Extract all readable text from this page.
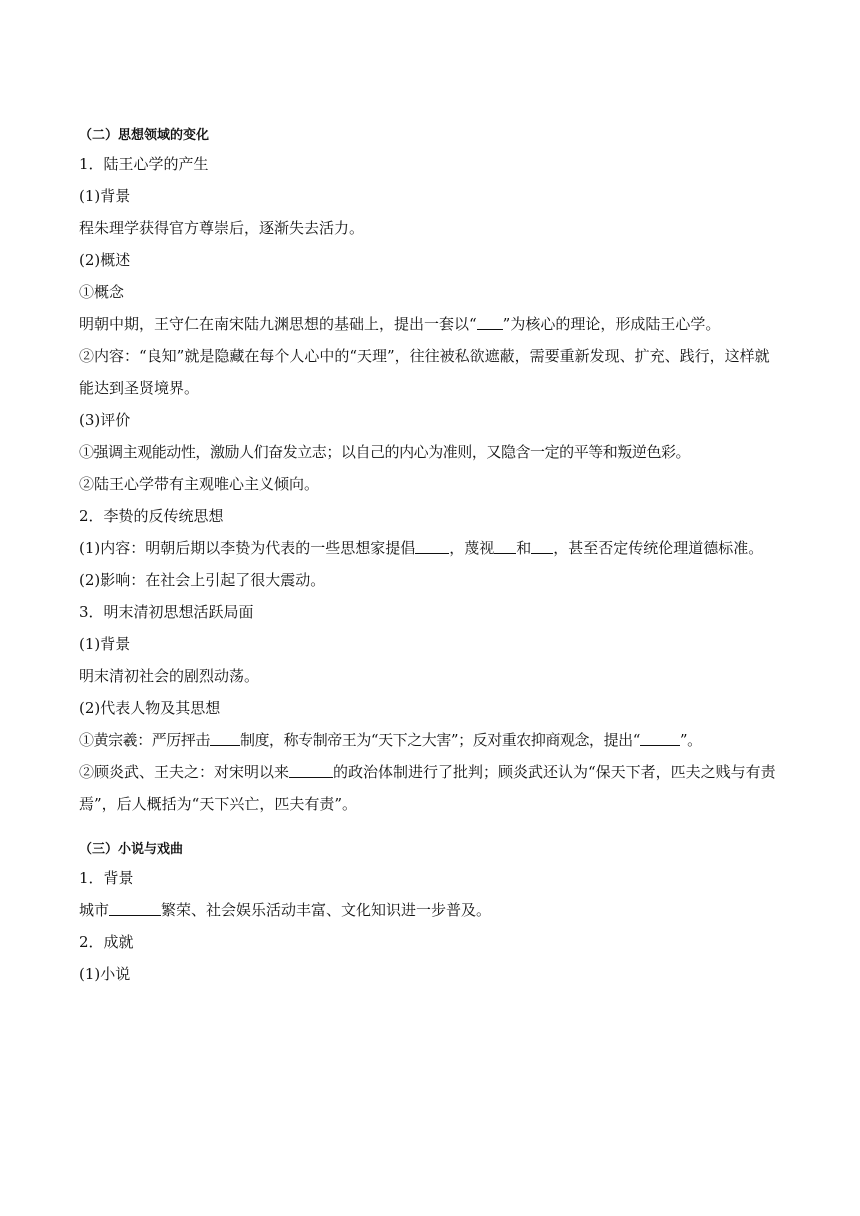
（二）思想领域的变化
1．陆王心学的产生
(1)背景
程朱理学获得官方尊崇后，逐渐失去活力。
(2)概述
①概念
明朝中期，王守仁在南宋陆九渊思想的基础上，提出一套以“ ”为核心的理论，形成陆王心学。
②内容：“良知”就是隐藏在每个人心中的“天理”，往往被私欲遮蔽，需要重新发现、扩充、践行，这样就能达到圣贤境界。
(3)评价
①强调主观能动性，激励人们奋发立志；以自己的内心为准则，又隐含一定的平等和叛逆色彩。
②陆王心学带有主观唯心主义倾向。
2．李贽的反传统思想
(1)内容：明朝后期以李贽为代表的一些思想家提倡 ，蔑视 和 ，甚至否定传统伦理道德标准。
(2)影响：在社会上引起了很大震动。
3．明末清初思想活跃局面
(1)背景
明末清初社会的剧烈动荡。
(2)代表人物及其思想
①黄宗羲：严厉抨击 制度，称专制帝王为“天下之大害”；反对重农抑商观念，提出“	”。
②顾炎武、王夫之：对宋明以来	的政治体制进行了批判；顾炎武还认为“保天下者，匹夫之贱与有责焉”，后人概括为“天下兴亡，匹夫有责”。
（三）小说与戏曲
1．背景
城市	繁荣、社会娱乐活动丰富、文化知识进一步普及。
2．成就
(1)小说
